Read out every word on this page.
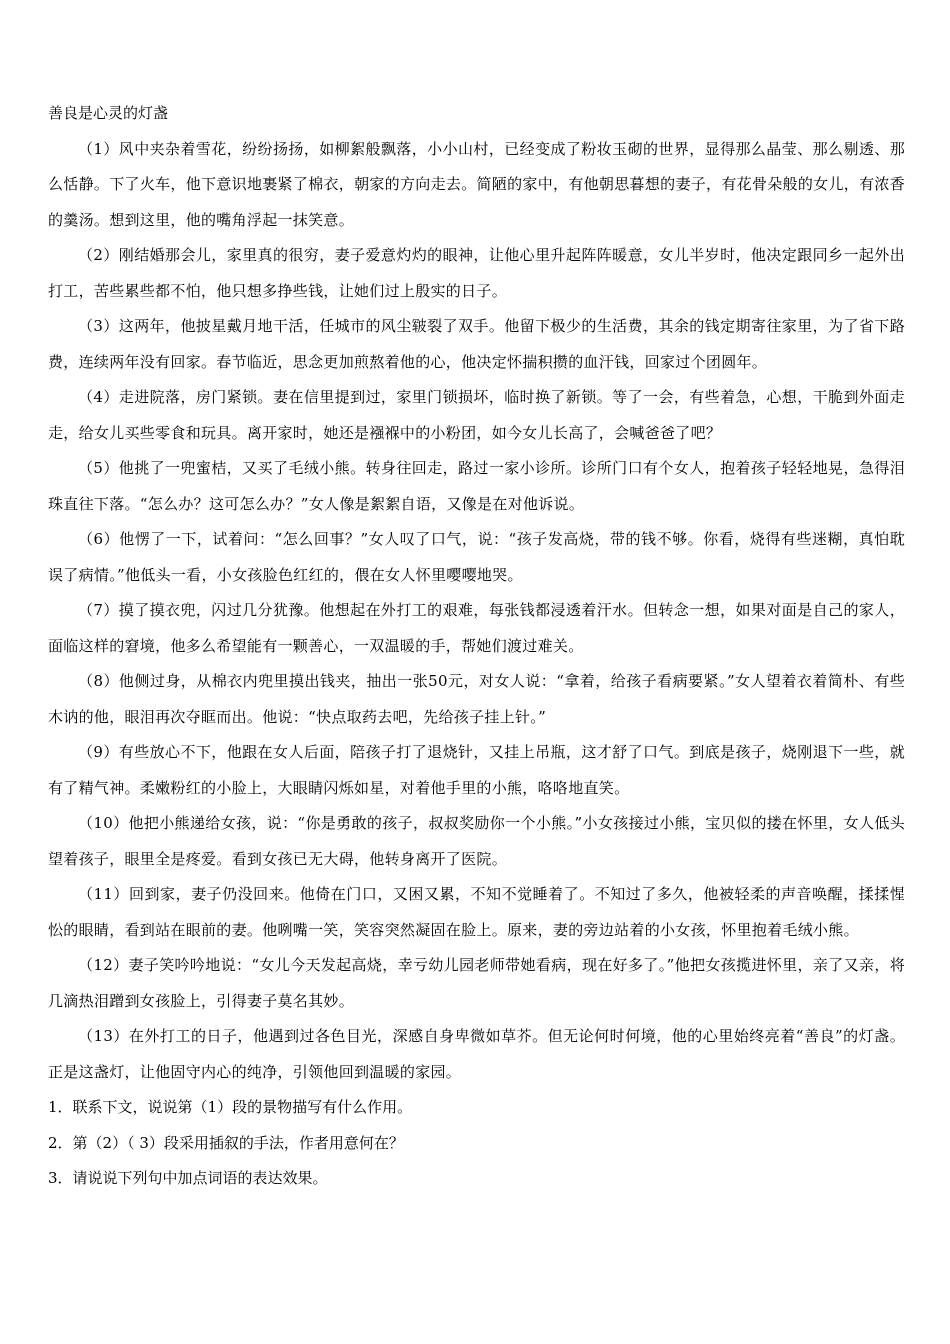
善良是心灵的灯盏

（1）风中夹杂着雪花，纷纷扬扬，如柳絮般飘落，小小山村，已经变成了粉妆玉砌的世界，显得那么晶莹、那么剔透、那么恬静。下了火车，他下意识地裹紧了棉衣，朝家的方向走去。简陋的家中，有他朝思暮想的妻子，有花骨朵般的女儿，有浓香的羹汤。想到这里，他的嘴角浮起一抹笑意。

（2）刚结婚那会儿，家里真的很穷，妻子爱意灼灼的眼神，让他心里升起阵阵暖意，女儿半岁时，他决定跟同乡一起外出打工，苦些累些都不怕，他只想多挣些钱，让她们过上殷实的日子。

（3）这两年，他披星戴月地干活，任城市的风尘皲裂了双手。他留下极少的生活费，其余的钱定期寄往家里，为了省下路费，连续两年没有回家。春节临近，思念更加煎熬着他的心，他决定怀揣积攒的血汗钱，回家过个团圆年。

（4）走进院落，房门紧锁。妻在信里提到过，家里门锁损坏，临时换了新锁。等了一会，有些着急，心想，干脆到外面走走，给女儿买些零食和玩具。离开家时，她还是襁褓中的小粉团，如今女儿长高了，会喊爸爸了吧？

（5）他挑了一兜蜜桔，又买了毛绒小熊。转身往回走，路过一家小诊所。诊所门口有个女人，抱着孩子轻轻地晃，急得泪珠直往下落。“怎么办？这可怎么办？”女人像是絮絮自语，又像是在对他诉说。

（6）他愣了一下，试着问：“怎么回事？”女人叹了口气，说：“孩子发高烧，带的钱不够。你看，烧得有些迷糊，真怕耽误了病情。”他低头一看，小女孩脸色红红的，偎在女人怀里嘤嘤地哭。

（7）摸了摸衣兜，闪过几分犹豫。他想起在外打工的艰难，每张钱都浸透着汗水。但转念一想，如果对面是自己的家人，面临这样的窘境，他多么希望能有一颗善心，一双温暖的手，帮她们渡过难关。

（8）他侧过身，从棉衣内兜里摸出钱夹，抽出一张50元，对女人说：“拿着，给孩子看病要紧。”女人望着衣着简朴、有些木讷的他，眼泪再次夺眶而出。他说：“快点取药去吧，先给孩子挂上针。”

（9）有些放心不下，他跟在女人后面，陪孩子打了退烧针，又挂上吊瓶，这才舒了口气。到底是孩子，烧刚退下一些，就有了精气神。柔嫩粉红的小脸上，大眼睛闪烁如星，对着他手里的小熊，咯咯地直笑。

（10）他把小熊递给女孩，说：“你是勇敢的孩子，叔叔奖励你一个小熊。”小女孩接过小熊，宝贝似的搂在怀里，女人低头望着孩子，眼里全是疼爱。看到女孩已无大碍，他转身离开了医院。

（11）回到家，妻子仍没回来。他倚在门口，又困又累，不知不觉睡着了。不知过了多久，他被轻柔的声音唤醒，揉揉惺忪的眼睛，看到站在眼前的妻。他咧嘴一笑，笑容突然凝固在脸上。原来，妻的旁边站着的小女孩，怀里抱着毛绒小熊。

（12）妻子笑吟吟地说：“女儿今天发起高烧，幸亏幼儿园老师带她看病，现在好多了。”他把女孩揽进怀里，亲了又亲，将几滴热泪蹭到女孩脸上，引得妻子莫名其妙。

（13）在外打工的日子，他遇到过各色目光，深感自身卑微如草芥。但无论何时何境，他的心里始终亮着“善良”的灯盏。正是这盏灯，让他固守内心的纯净，引领他回到温暖的家园。

1．联系下文，说说第（1）段的景物描写有什么作用。

2．第（2）（ 3）段采用插叙的手法，作者用意何在？

3．请说说下列句中加点词语的表达效果。
